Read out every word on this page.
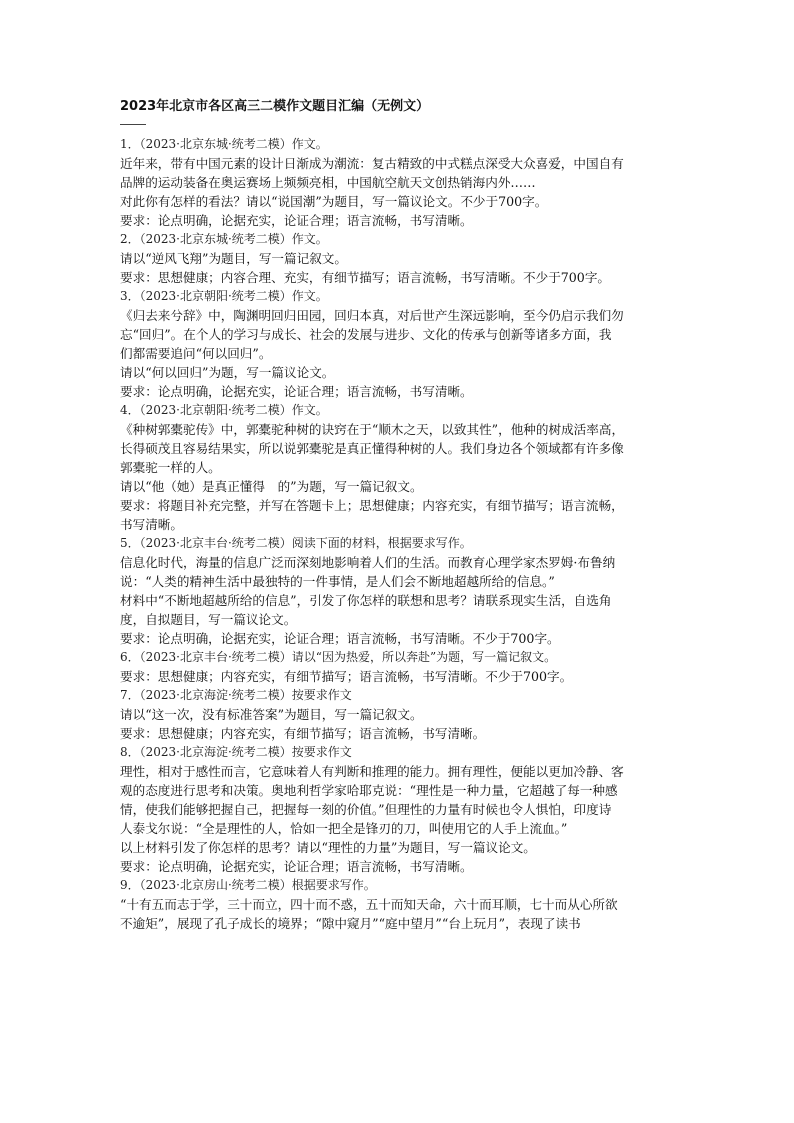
2023年北京市各区高三二模作文题目汇编（无例文）

1．（2023·北京东城·统考二模）作文。

近年来，带有中国元素的设计日渐成为潮流：复古精致的中式糕点深受大众喜爱，中国自有

品牌的运动装备在奥运赛场上频频亮相，中国航空航天文创热销海内外……

对此你有怎样的看法？请以“说国潮”为题目，写一篇议论文。不少于700字。

要求：论点明确，论据充实，论证合理；语言流畅，书写清晰。

2．（2023·北京东城·统考二模）作文。

请以“逆风飞翔”为题目，写一篇记叙文。

要求：思想健康；内容合理、充实，有细节描写；语言流畅，书写清晰。不少于700字。

3．（2023·北京朝阳·统考二模）作文。

《归去来兮辞》中，陶渊明回归田园，回归本真，对后世产生深远影响，至今仍启示我们勿

忘“回归”。在个人的学习与成长、社会的发展与进步、文化的传承与创新等诸多方面，我

们都需要追问“何以回归”。

请以“何以回归”为题，写一篇议论文。

要求：论点明确，论据充实，论证合理；语言流畅，书写清晰。

4．（2023·北京朝阳·统考二模）作文。

《种树郭橐驼传》中，郭橐驼种树的诀窍在于“顺木之天，以致其性”，他种的树成活率高，

长得硕茂且容易结果实，所以说郭橐驼是真正懂得种树的人。我们身边各个领域都有许多像

郭橐驼一样的人。

请以“他（她）是真正懂得　的”为题，写一篇记叙文。

要求：将题目补充完整，并写在答题卡上；思想健康；内容充实，有细节描写；语言流畅，

书写清晰。

5．（2023·北京丰台·统考二模）阅读下面的材料，根据要求写作。

信息化时代，海量的信息广泛而深刻地影响着人们的生活。而教育心理学家杰罗姆·布鲁纳

说：“人类的精神生活中最独特的一件事情，是人们会不断地超越所给的信息。”

材料中“不断地超越所给的信息”，引发了你怎样的联想和思考？请联系现实生活，自选角

度，自拟题目，写一篇议论文。

要求：论点明确，论据充实，论证合理；语言流畅，书写清晰。不少于700字。

6．（2023·北京丰台·统考二模）请以“因为热爱，所以奔赴”为题，写一篇记叙文。

要求：思想健康；内容充实，有细节描写；语言流畅，书写清晰。不少于700字。

7．（2023·北京海淀·统考二模）按要求作文

请以“这一次，没有标准答案”为题目，写一篇记叙文。

要求：思想健康；内容充实，有细节描写；语言流畅，书写清晰。

8．（2023·北京海淀·统考二模）按要求作文

理性，相对于感性而言，它意味着人有判断和推理的能力。拥有理性，便能以更加冷静、客

观的态度进行思考和决策。奥地利哲学家哈耶克说：“理性是一种力量，它超越了每一种感

情，使我们能够把握自己，把握每一刻的价值。”但理性的力量有时候也令人惧怕，印度诗

人泰戈尔说：“全是理性的人，恰如一把全是锋刃的刀，叫使用它的人手上流血。”

以上材料引发了你怎样的思考？请以“理性的力量”为题目，写一篇议论文。

要求：论点明确，论据充实，论证合理；语言流畅，书写清晰。

9．（2023·北京房山·统考二模）根据要求写作。

“十有五而志于学，三十而立，四十而不惑，五十而知天命，六十而耳顺，七十而从心所欲

不逾矩”，展现了孔子成长的境界；“隙中窥月”“庭中望月”“台上玩月”，表现了读书
